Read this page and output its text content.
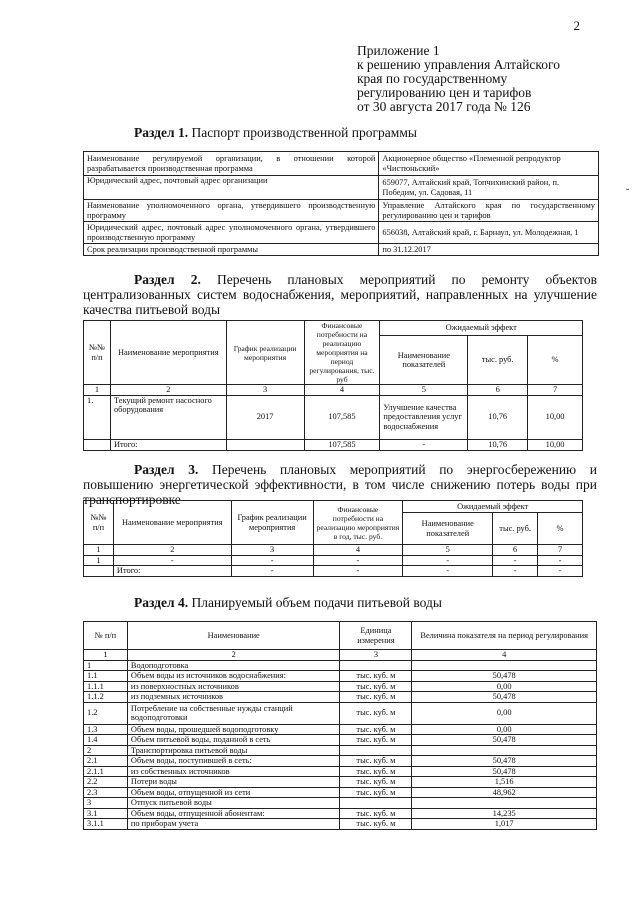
2
˘
Приложение 1
к решению управления Алтайского
края по государственному
регулированию цен и тарифов
от 30 августа 2017 года № 126
Раздел 1. Паспорт производственной программы
Наименование регулируемой организации, в отношении которой разрабатывается производственная программа	Акционерное общество «Племенной репродуктор «Чистюньский»
Юридический адрес, почтовый адрес организации	659077, Алтайский край, Топчихинский район, п. Победим, ул. Садовая, 11
Наименование уполномоченного органа, утвердившего производственную программу	Управление Алтайского края по государственному регулированию цен и тарифов
Юридический адрес, почтовый адрес уполномоченного органа, утвердившего производственную программу	656038, Алтайский край, г. Барнаул, ул. Молодежная, 1
Срок реализации производственной программы	по 31.12.2017
Раздел 2. Перечень плановых мероприятий по ремонту объектов централизованных систем водоснабжения, мероприятий, направленных на улучшение качества питьевой воды
№№ п/п	Наименование мероприятия	График реализации мероприятия	Финансовые потребности на реализацию мероприятия на период регулирования, тыс. руб	Ожидаемый эффект		
				Наименование показателей	тыс. руб.	%
1	2	3	4	5	6	7
1.	Текущий ремонт насосного оборудования	2017	107,585	Улучшение качества предоставления услуг водоснабжения	10,76	10,00
	Итого:		107,585	-	10,76	10,00
Раздел 3. Перечень плановых мероприятий по энергосбережению и повышению энергетической эффективности, в том числе снижению потерь воды при транспортировке
№№ п/п	Наименование мероприятия	График реализации мероприятия	Финансовые потребности на реализацию мероприятия в год, тыс. руб.	Ожидаемый эффект		
				Наименование показателей	тыс. руб.	%
1	2	3	4	5	6	7
1	-	-	-	-	-	-
	Итого:	-	-	-	-	-
Раздел 4. Планируемый объем подачи питьевой воды
№ п/п	Наименование	Единица измерения	Величина показателя на период регулирования
1	2	3	4
1	Водоподготовка		
1.1	Объем воды из источников водоснабжения:	тыс. куб. м	50,478
1.1.1	из поверхностных источников	тыс. куб. м	0,00
1.1.2	из подземных источников	тыс. куб. м	50,478
1.2	Потребление на собственные нужды станций водоподготовки	тыс. куб. м	0,00
1.3	Объем воды, прошедшей водоподготовку	тыс. куб. м	0,00
1.4	Объем питьевой воды, поданной в сеть	тыс. куб. м	50,478
2	Транспортировка питьевой воды		
2.1	Объем воды, поступившей в сеть:	тыс. куб. м	50,478
2.1.1	из собственных источников	тыс. куб. м	50,478
2.2	Потери воды	тыс. куб. м	1,516
2.3	Объем воды, отпущенной из сети	тыс. куб. м	48,962
3	Отпуск питьевой воды		
3.1	Объем воды, отпущенной абонентам:	тыс. куб. м	14,235
3.1.1	по приборам учета	тыс. куб. м	1,017
